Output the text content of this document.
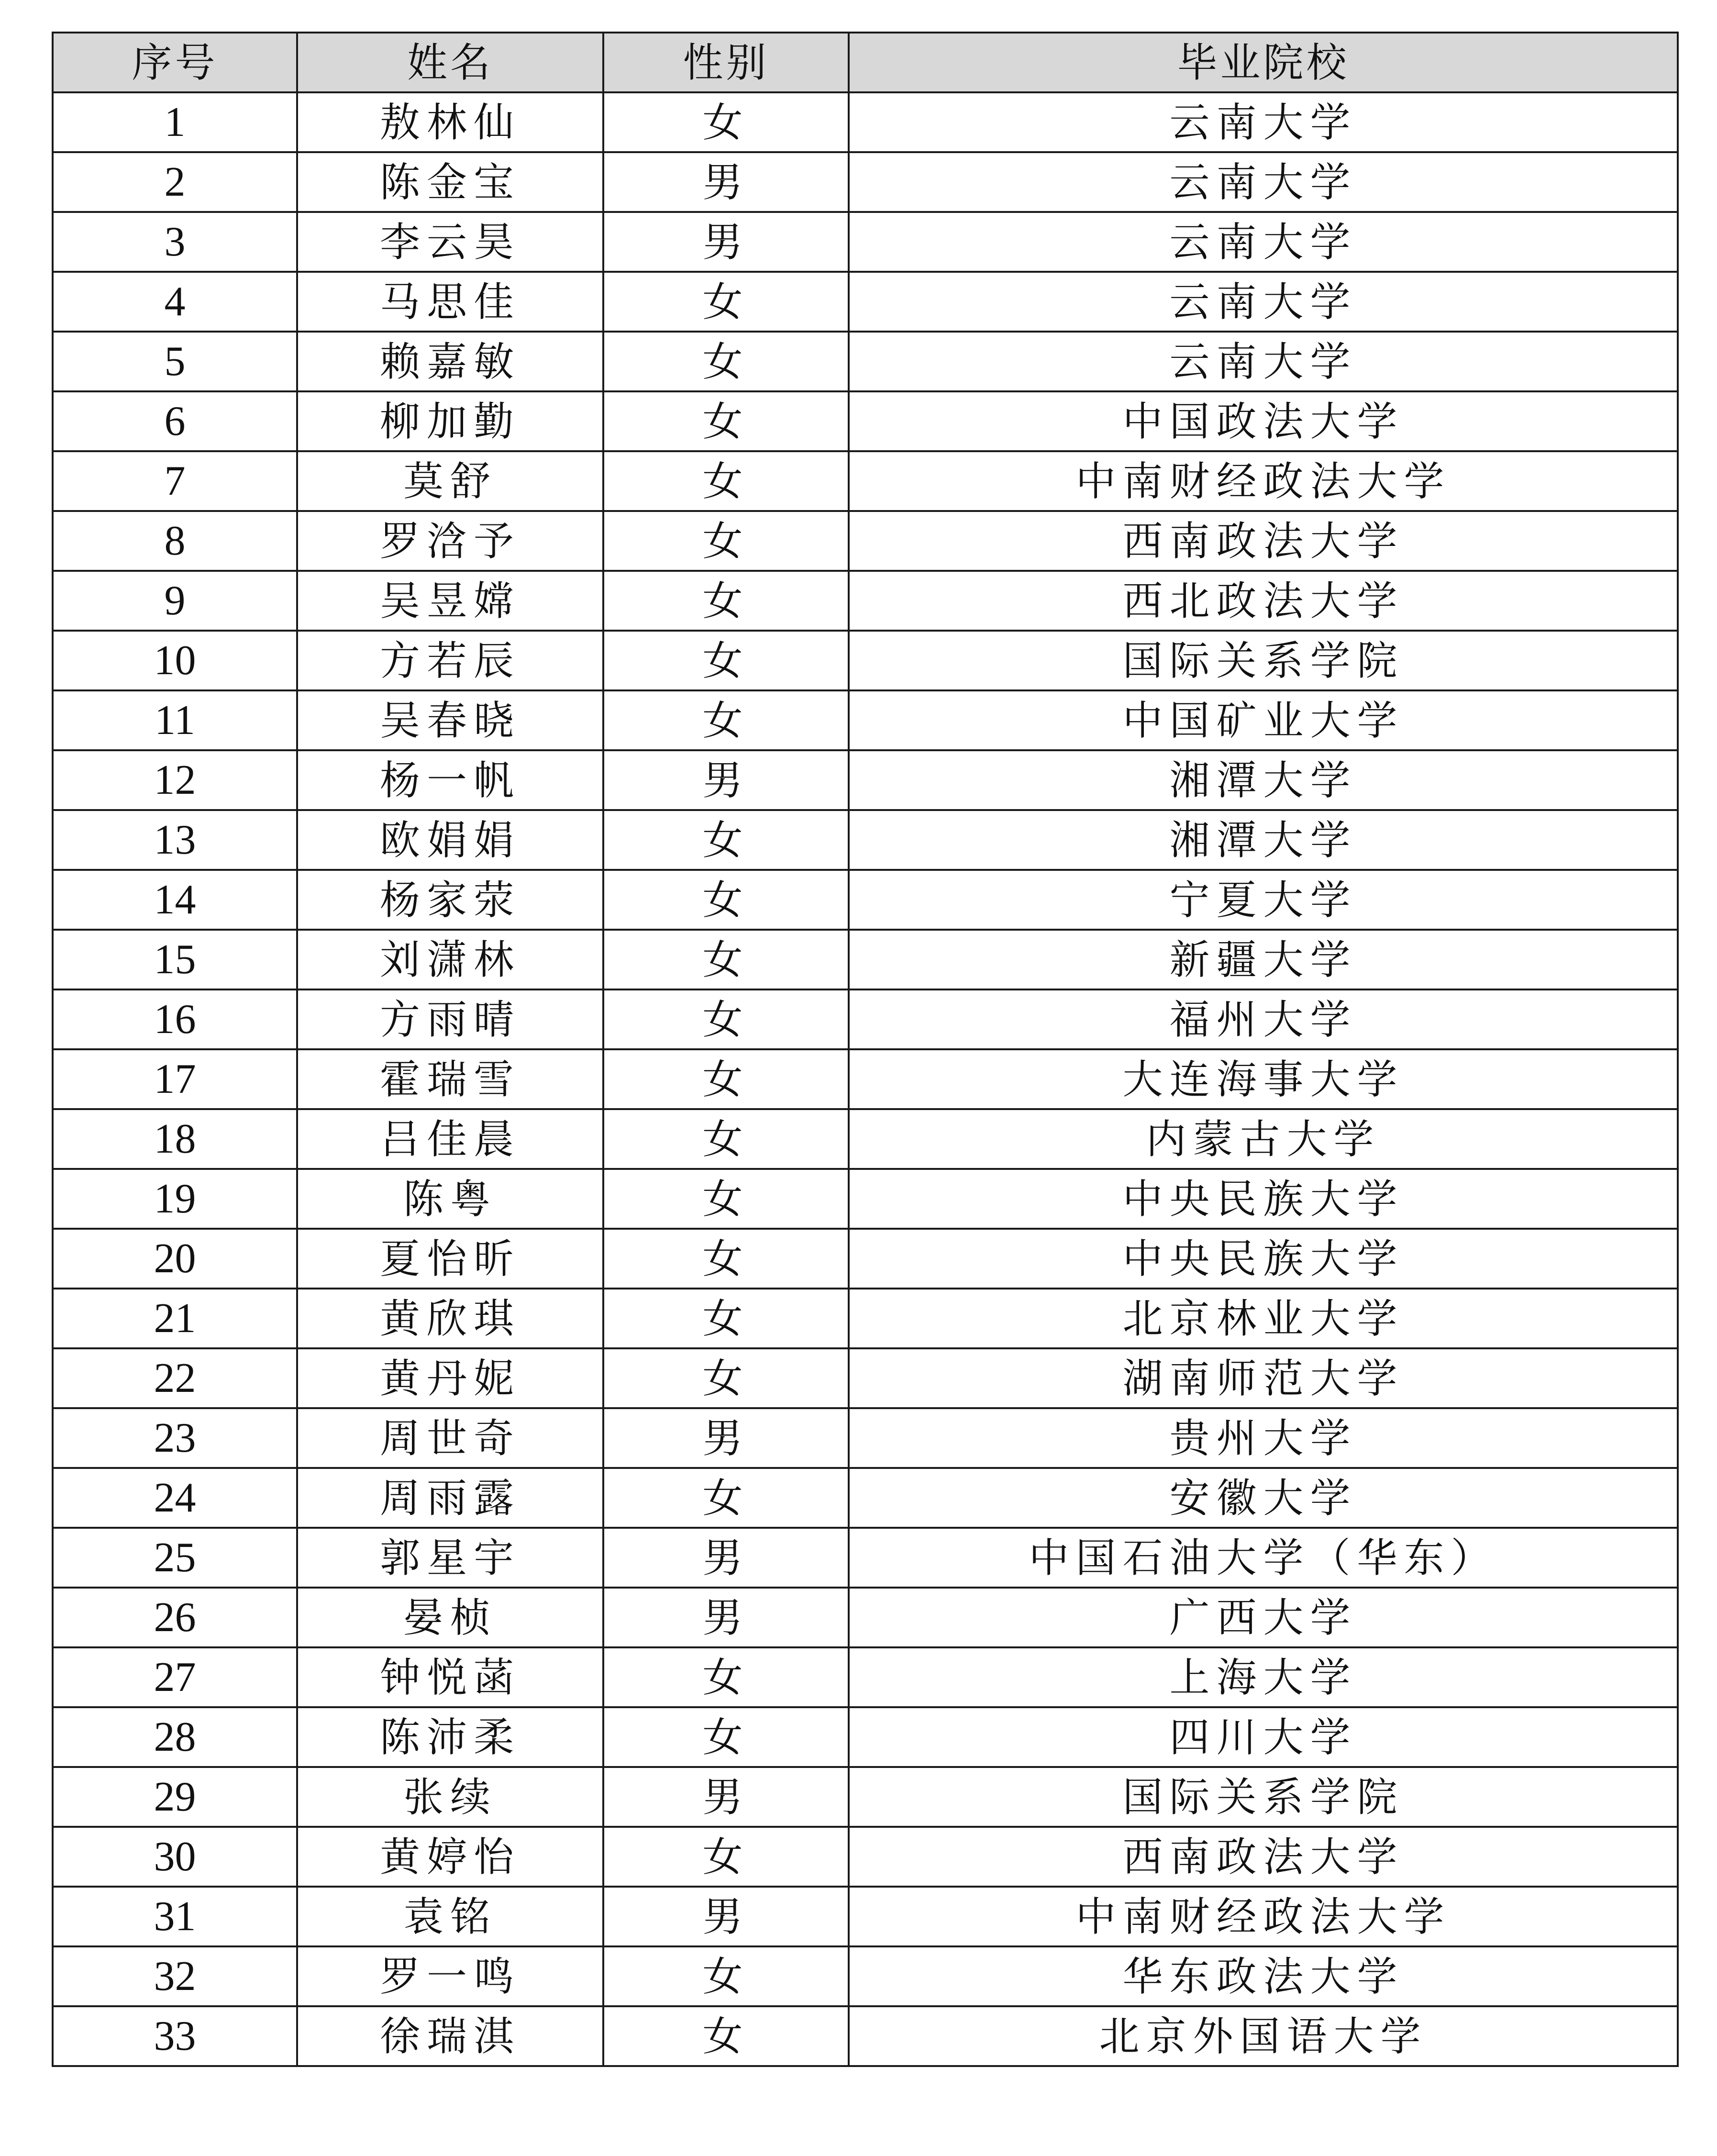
序号	姓名	性别	毕业院校
1	敖林仙	女	云南大学
2	陈金宝	男	云南大学
3	李云昊	男	云南大学
4	马思佳	女	云南大学
5	赖嘉敏	女	云南大学
6	柳加勤	女	中国政法大学
7	莫舒	女	中南财经政法大学
8	罗浛予	女	西南政法大学
9	吴昱嫦	女	西北政法大学
10	方若辰	女	国际关系学院
11	吴春晓	女	中国矿业大学
12	杨一帆	男	湘潭大学
13	欧娟娟	女	湘潭大学
14	杨家荥	女	宁夏大学
15	刘潇林	女	新疆大学
16	方雨晴	女	福州大学
17	霍瑞雪	女	大连海事大学
18	吕佳晨	女	内蒙古大学
19	陈粤	女	中央民族大学
20	夏怡昕	女	中央民族大学
21	黄欣琪	女	北京林业大学
22	黄丹妮	女	湖南师范大学
23	周世奇	男	贵州大学
24	周雨露	女	安徽大学
25	郭星宇	男	中国石油大学（华东）
26	晏桢	男	广西大学
27	钟悦菡	女	上海大学
28	陈沛柔	女	四川大学
29	张续	男	国际关系学院
30	黄婷怡	女	西南政法大学
31	袁铭	男	中南财经政法大学
32	罗一鸣	女	华东政法大学
33	徐瑞淇	女	北京外国语大学
